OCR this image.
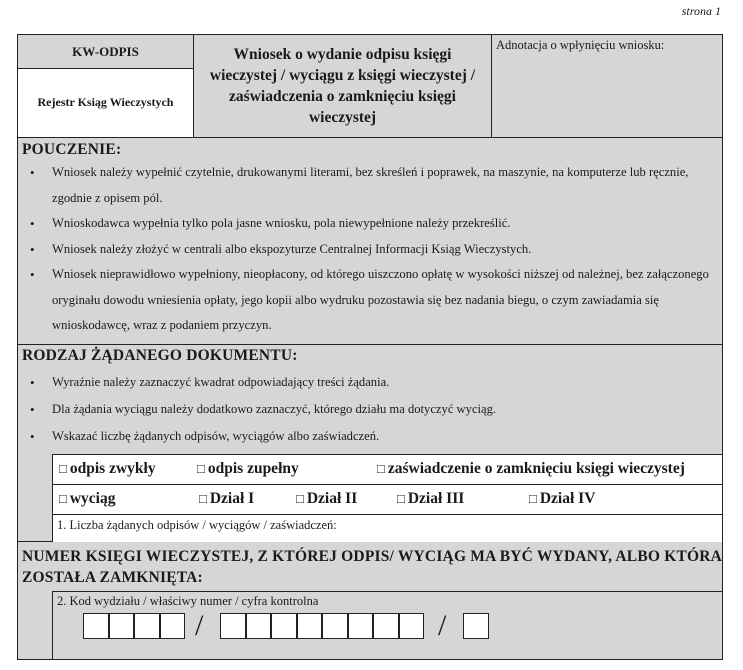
strona 1
KW-ODPIS
Rejestr Ksiąg Wieczystych
Wniosek o wydanie odpisu księgi wieczystej / wyciągu z księgi wieczystej / zaświadczenia o zamknięciu księgi wieczystej
Adnotacja o wpłynięciu wniosku:
POUCZENIE:
• Wniosek należy wypełnić czytelnie, drukowanymi literami, bez skreśleń i poprawek, na maszynie, na komputerze lub ręcznie, zgodnie z opisem pól.
• Wnioskodawca wypełnia tylko pola jasne wniosku, pola niewypełnione należy przekreślić.
• Wniosek należy złożyć w centrali albo ekspozyturze Centralnej Informacji Ksiąg Wieczystych.
• Wniosek nieprawidłowo wypełniony, nieopłacony, od którego uiszczono opłatę w wysokości niższej od należnej, bez załączonego oryginału dowodu wniesienia opłaty, jego kopii albo wydruku pozostawia się bez nadania biegu, o czym zawiadamia się wnioskodawcę, wraz z podaniem przyczyn.
RODZAJ ŻĄDANEGO DOKUMENTU:
• Wyraźnie należy zaznaczyć kwadrat odpowiadający treści żądania.
• Dla żądania wyciągu należy dodatkowo zaznaczyć, którego działu ma dotyczyć wyciąg.
• Wskazać liczbę żądanych odpisów, wyciągów albo zaświadczeń.
□ odpis zwykły	□ odpis zupełny	□ zaświadczenie o zamknięciu księgi wieczystej
□ wyciąg	□ Dział I	□ Dział II	□ Dział III	□ Dział IV
1. Liczba żądanych odpisów / wyciągów / zaświadczeń:
NUMER KSIĘGI WIECZYSTEJ, Z KTÓREJ ODPIS/ WYCIĄG MA BYĆ WYDANY, ALBO KTÓRA ZOSTAŁA ZAMKNIĘTA:
2. Kod wydziału / właściwy numer / cyfra kontrolna
/	/
